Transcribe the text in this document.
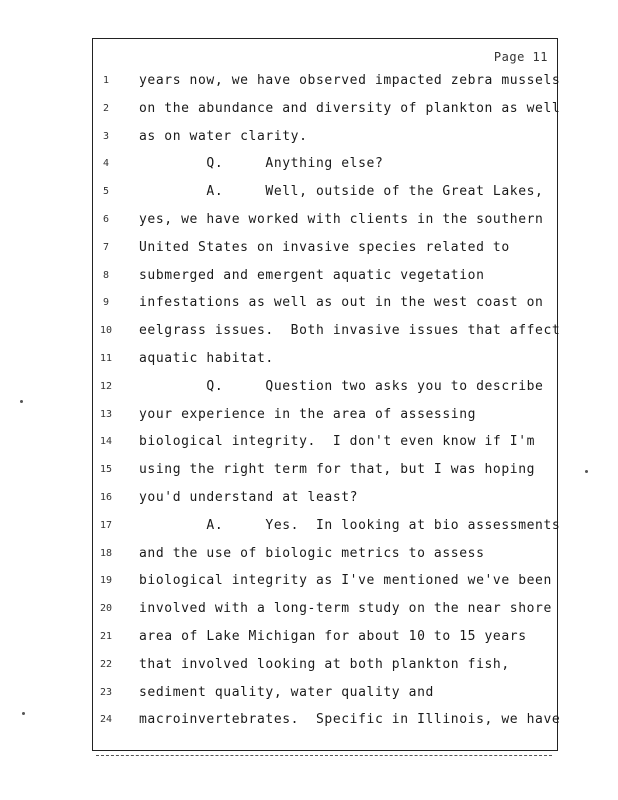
Page 11
1	years now, we have observed impacted zebra mussels
2	on the abundance and diversity of plankton as well
3	as on water clarity.
4	Q.     Anything else?
5	A.     Well, outside of the Great Lakes,
6	yes, we have worked with clients in the southern
7	United States on invasive species related to
8	submerged and emergent aquatic vegetation
9	infestations as well as out in the west coast on
10	eelgrass issues.  Both invasive issues that affect
11	aquatic habitat.
12	Q.     Question two asks you to describe
13	your experience in the area of assessing
14	biological integrity.  I don't even know if I'm
15	using the right term for that, but I was hoping
16	you'd understand at least?
17	A.     Yes.  In looking at bio assessments
18	and the use of biologic metrics to assess
19	biological integrity as I've mentioned we've been
20	involved with a long-term study on the near shore
21	area of Lake Michigan for about 10 to 15 years
22	that involved looking at both plankton fish,
23	sediment quality, water quality and
24	macroinvertebrates.  Specific in Illinois, we have
